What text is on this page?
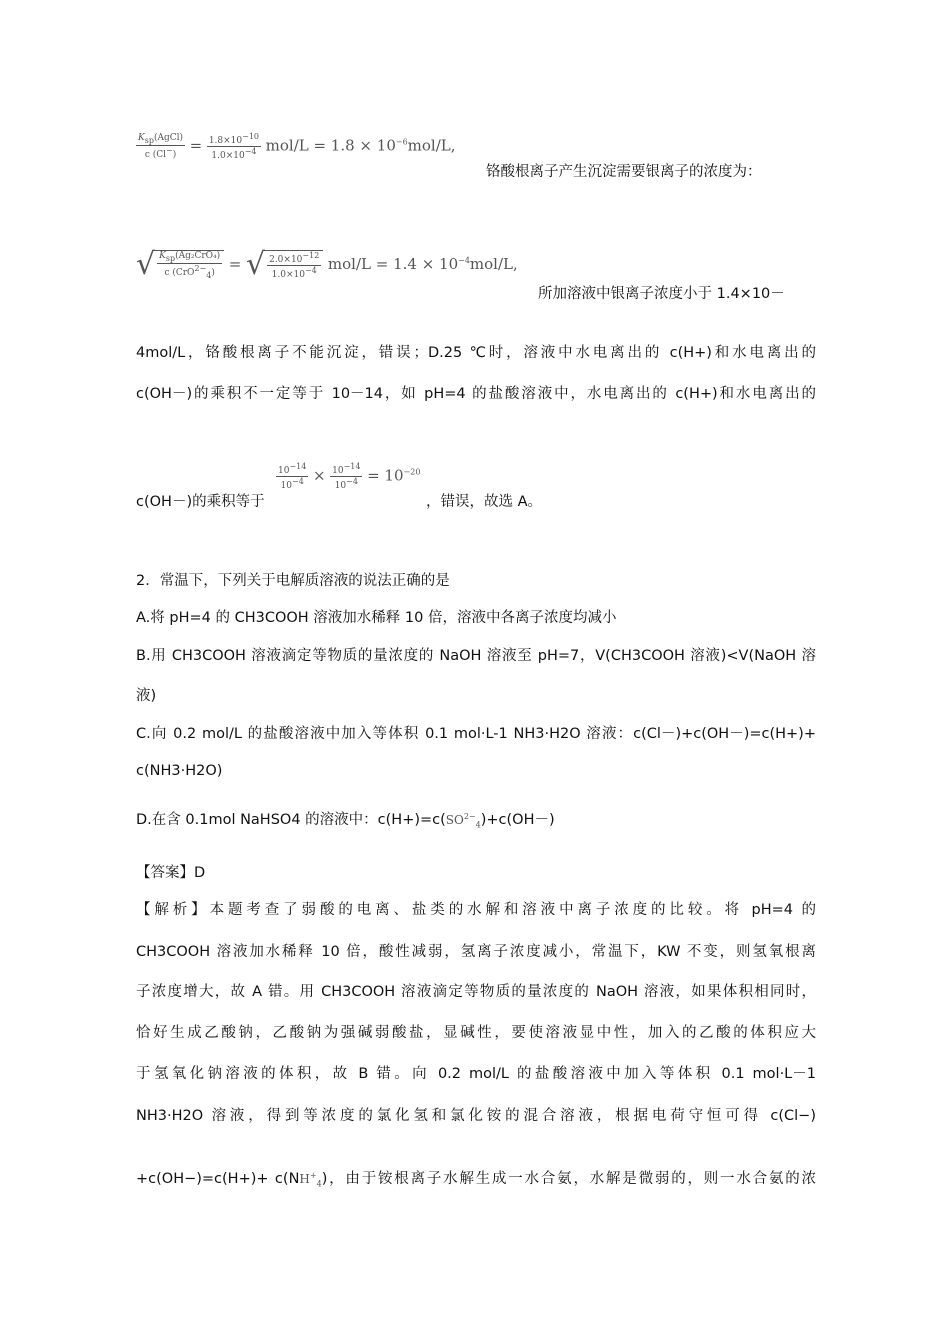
$\frac{K_{sp}(AgCl)}{c (Cl^-)} = \frac{1.8\times 10^{-10}}{1.0\times 10^{-4}} mol/L = 1.8 \times 10^{-6}mol/L$,
铬酸根离子产生沉淀需要银离子的浓度为：
√ $\frac{K_{sp}(Ag_2CrO_4)}{c (CrO^{2-}_4)}$ = √ $\frac{2.0\times 10^{-12}}{1.0\times 10^{-4}} mol/L = 1.4 \times 10^{-4}mol/L$,
所加溶液中银离子浓度小于 1.4×10－
4mol/L，铬酸根离子不能沉淀，错误；D.25 ℃时，溶液中水电离出的 c(H+)和水电离出的
c(OH－)的乘积不一定等于 10－14，如 pH=4 的盐酸溶液中，水电离出的 c(H+)和水电离出的
c(OH－)的乘积等于
$\frac{10^{-14}}{10^{-4}} \times \frac{10^{-14}}{10^{-4}} = 10^{-20}$
，错误，故选 A。
2．常温下，下列关于电解质溶液的说法正确的是
A.将 pH=4 的 CH3COOH 溶液加水稀释 10 倍，溶液中各离子浓度均减小
B.用 CH3COOH 溶液滴定等物质的量浓度的 NaOH 溶液至 pH=7，V(CH3COOH 溶液)<V(NaOH 溶
液)
C.向 0.2 mol/L 的盐酸溶液中加入等体积 0.1 mol·L-1 NH3·H2O 溶液：c(Cl－)+c(OH－)=c(H+)+
c(NH3·H2O)
D.在含 0.1mol NaHSO4 的溶液中：$c(H+)=c(SO^{2-}_4)+c(OH-)$
【答案】D
【解析】本题考查了弱酸的电离、盐类的水解和溶液中离子浓度的比较。将 pH=4 的
CH3COOH 溶液加水稀释 10 倍，酸性减弱，氢离子浓度减小，常温下，KW 不变，则氢氧根离
子浓度增大，故 A 错。用 CH3COOH 溶液滴定等物质的量浓度的 NaOH 溶液，如果体积相同时，
恰好生成乙酸钠，乙酸钠为强碱弱酸盐，显碱性，要使溶液显中性，加入的乙酸的体积应大
于氢氧化钠溶液的体积，故 B 错。向 0.2 mol/L 的盐酸溶液中加入等体积 0.1 mol·L－1
NH3·H2O 溶液，得到等浓度的氯化氢和氯化铵的混合溶液，根据电荷守恒可得 c(Cl−)
$+c(OH-)=c(H+)+ c(NH^+_4)$，由于铵根离子水解生成一水合氨，水解是微弱的，则一水合氨的浓
